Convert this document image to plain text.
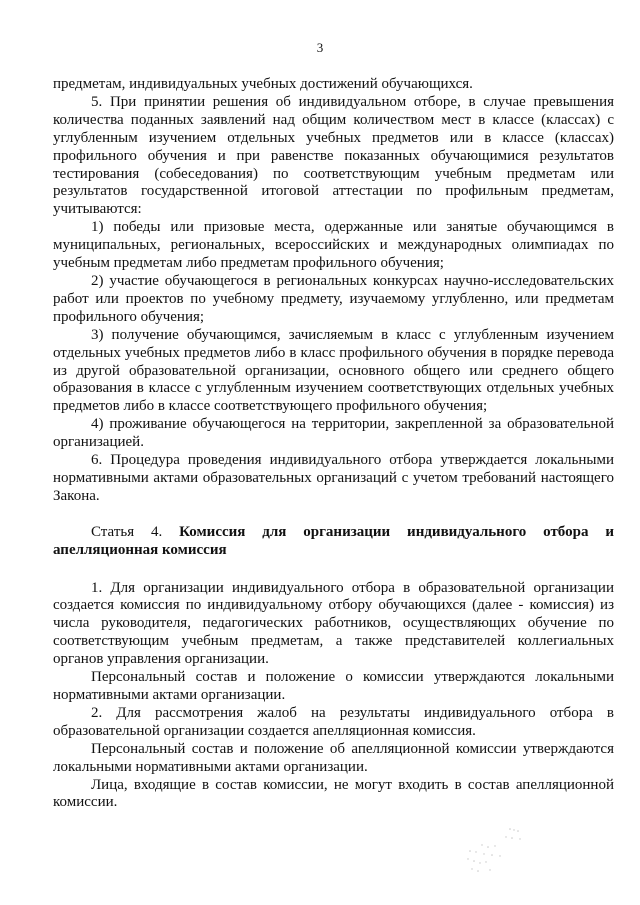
3

предметам, индивидуальных учебных достижений обучающихся.

5. При принятии решения об индивидуальном отборе, в случае превышения количества поданных заявлений над общим количеством мест в классе (классах) с углубленным изучением отдельных учебных предметов или в классе (классах) профильного обучения и при равенстве показанных обучающимися результатов тестирования (собеседования) по соответствующим учебным предметам или результатов государственной итоговой аттестации по профильным предметам, учитываются:

1) победы или призовые места, одержанные или занятые обучающимся в муниципальных, региональных, всероссийских и международных олимпиадах по учебным предметам либо предметам профильного обучения;

2) участие обучающегося в региональных конкурсах научно-исследовательских работ или проектов по учебному предмету, изучаемому углубленно, или предметам профильного обучения;

3) получение обучающимся, зачисляемым в класс с углубленным изучением отдельных учебных предметов либо в класс профильного обучения в порядке перевода из другой образовательной организации, основного общего или среднего общего образования в классе с углубленным изучением соответствующих отдельных учебных предметов либо в классе соответствующего профильного обучения;

4) проживание обучающегося на территории, закрепленной за образовательной организацией.

6. Процедура проведения индивидуального отбора утверждается локальными нормативными актами образовательных организаций с учетом требований настоящего Закона.

Статья 4. Комиссия для организации индивидуального отбора и апелляционная комиссия

1. Для организации индивидуального отбора в образовательной организации создается комиссия по индивидуальному отбору обучающихся (далее - комиссия) из числа руководителя, педагогических работников, осуществляющих обучение по соответствующим учебным предметам, а также представителей коллегиальных органов управления организации.

Персональный состав и положение о комиссии утверждаются локальными нормативными актами организации.

2. Для рассмотрения жалоб на результаты индивидуального отбора в образовательной организации создается апелляционная комиссия.

Персональный состав и положение об апелляционной комиссии утверждаются локальными нормативными актами организации.

Лица, входящие в состав комиссии, не могут входить в состав апелляционной комиссии.
